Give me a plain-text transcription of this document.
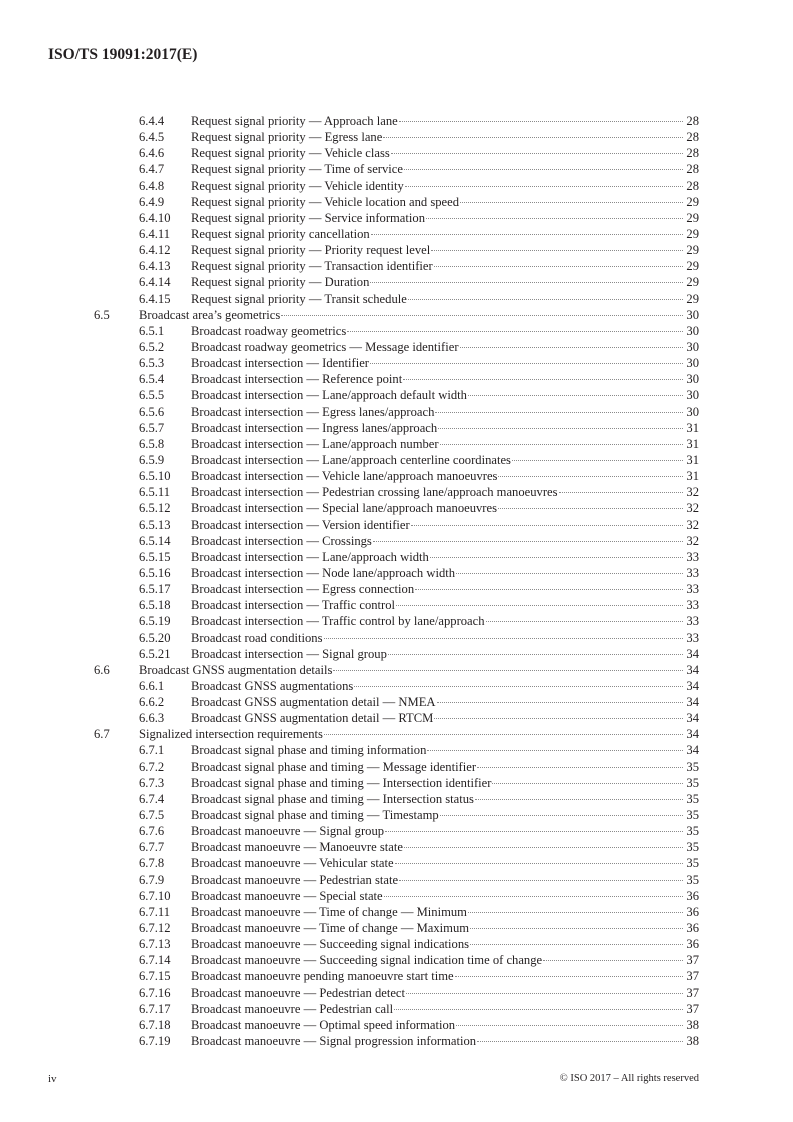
ISO/TS 19091:2017(E)
6.4.4	Request signal priority — Approach lane	28
6.4.5	Request signal priority — Egress lane	28
6.4.6	Request signal priority — Vehicle class	28
6.4.7	Request signal priority — Time of service	28
6.4.8	Request signal priority — Vehicle identity	28
6.4.9	Request signal priority — Vehicle location and speed	29
6.4.10	Request signal priority — Service information	29
6.4.11	Request signal priority cancellation	29
6.4.12	Request signal priority — Priority request level	29
6.4.13	Request signal priority — Transaction identifier	29
6.4.14	Request signal priority — Duration	29
6.4.15	Request signal priority — Transit schedule	29
6.5	Broadcast area’s geometrics	30
6.5.1	Broadcast roadway geometrics	30
6.5.2	Broadcast roadway geometrics — Message identifier	30
6.5.3	Broadcast intersection — Identifier	30
6.5.4	Broadcast intersection — Reference point	30
6.5.5	Broadcast intersection — Lane/approach default width	30
6.5.6	Broadcast intersection — Egress lanes/approach	30
6.5.7	Broadcast intersection — Ingress lanes/approach	31
6.5.8	Broadcast intersection — Lane/approach number	31
6.5.9	Broadcast intersection — Lane/approach centerline coordinates	31
6.5.10	Broadcast intersection — Vehicle lane/approach manoeuvres	31
6.5.11	Broadcast intersection — Pedestrian crossing lane/approach manoeuvres	32
6.5.12	Broadcast intersection — Special lane/approach manoeuvres	32
6.5.13	Broadcast intersection — Version identifier	32
6.5.14	Broadcast intersection — Crossings	32
6.5.15	Broadcast intersection — Lane/approach width	33
6.5.16	Broadcast intersection — Node lane/approach width	33
6.5.17	Broadcast intersection — Egress connection	33
6.5.18	Broadcast intersection — Traffic control	33
6.5.19	Broadcast intersection — Traffic control by lane/approach	33
6.5.20	Broadcast road conditions	33
6.5.21	Broadcast intersection — Signal group	34
6.6	Broadcast GNSS augmentation details	34
6.6.1	Broadcast GNSS augmentations	34
6.6.2	Broadcast GNSS augmentation detail — NMEA	34
6.6.3	Broadcast GNSS augmentation detail — RTCM	34
6.7	Signalized intersection requirements	34
6.7.1	Broadcast signal phase and timing information	34
6.7.2	Broadcast signal phase and timing — Message identifier	35
6.7.3	Broadcast signal phase and timing — Intersection identifier	35
6.7.4	Broadcast signal phase and timing — Intersection status	35
6.7.5	Broadcast signal phase and timing — Timestamp	35
6.7.6	Broadcast manoeuvre — Signal group	35
6.7.7	Broadcast manoeuvre — Manoeuvre state	35
6.7.8	Broadcast manoeuvre — Vehicular state	35
6.7.9	Broadcast manoeuvre — Pedestrian state	35
6.7.10	Broadcast manoeuvre — Special state	36
6.7.11	Broadcast manoeuvre — Time of change — Minimum	36
6.7.12	Broadcast manoeuvre — Time of change — Maximum	36
6.7.13	Broadcast manoeuvre — Succeeding signal indications	36
6.7.14	Broadcast manoeuvre — Succeeding signal indication time of change	37
6.7.15	Broadcast manoeuvre pending manoeuvre start time	37
6.7.16	Broadcast manoeuvre — Pedestrian detect	37
6.7.17	Broadcast manoeuvre — Pedestrian call	37
6.7.18	Broadcast manoeuvre — Optimal speed information	38
6.7.19	Broadcast manoeuvre — Signal progression information	38
iv	© ISO 2017 – All rights reserved
